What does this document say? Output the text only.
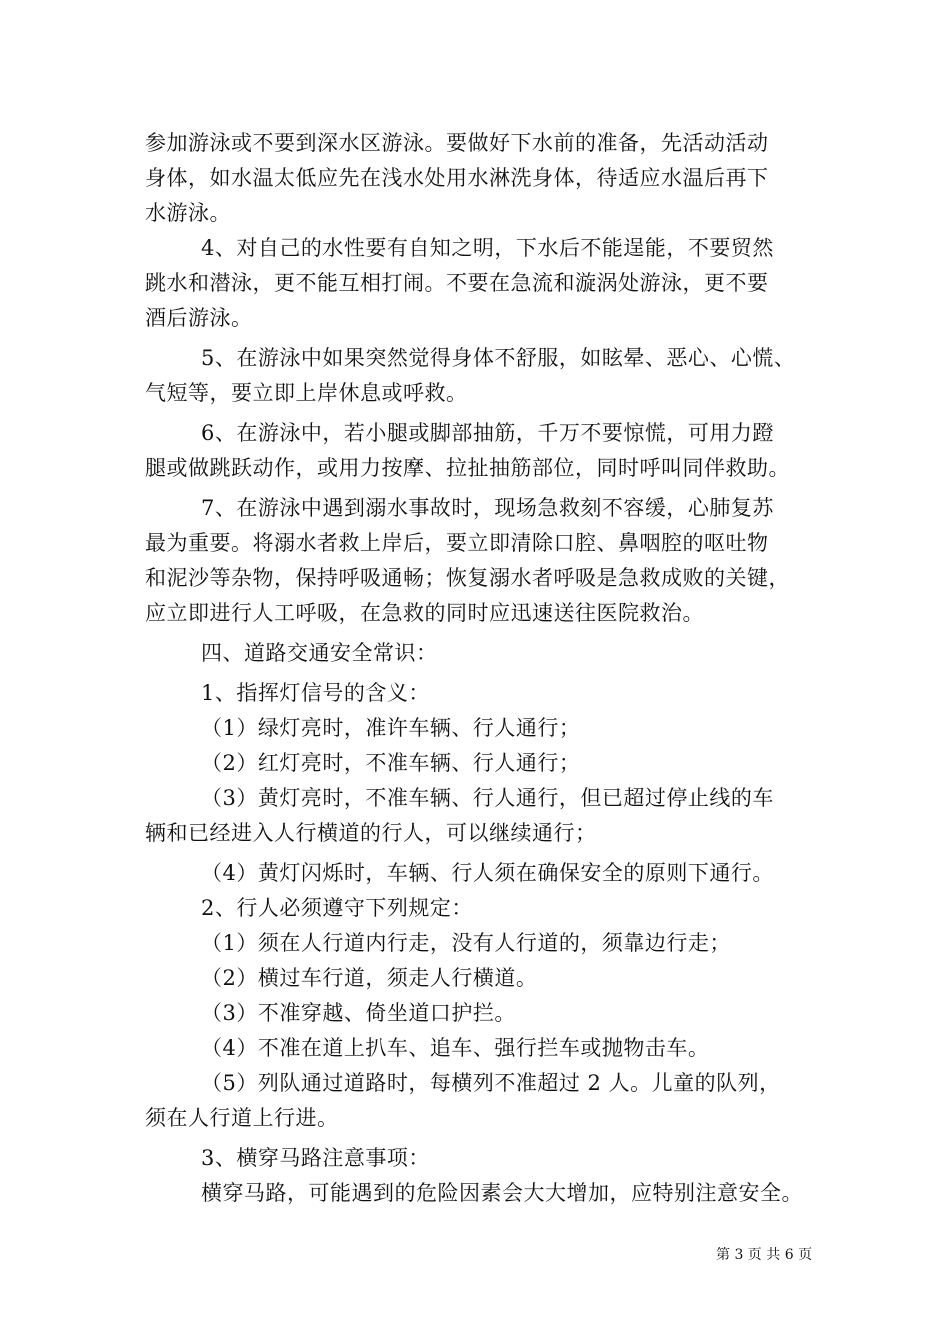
参加游泳或不要到深水区游泳。要做好下水前的准备，先活动活动
身体，如水温太低应先在浅水处用水淋洗身体，待适应水温后再下
水游泳。
4、对自己的水性要有自知之明，下水后不能逞能，不要贸然
跳水和潜泳，更不能互相打闹。不要在急流和漩涡处游泳，更不要
酒后游泳。
5、在游泳中如果突然觉得身体不舒服，如眩晕、恶心、心慌、
气短等，要立即上岸休息或呼救。
6、在游泳中，若小腿或脚部抽筋，千万不要惊慌，可用力蹬
腿或做跳跃动作，或用力按摩、拉扯抽筋部位，同时呼叫同伴救助。
7、在游泳中遇到溺水事故时，现场急救刻不容缓，心肺复苏
最为重要。将溺水者救上岸后，要立即清除口腔、鼻咽腔的呕吐物
和泥沙等杂物，保持呼吸通畅；恢复溺水者呼吸是急救成败的关键，
应立即进行人工呼吸，在急救的同时应迅速送往医院救治。
四、道路交通安全常识：
1、指挥灯信号的含义：
（1）绿灯亮时，准许车辆、行人通行；
（2）红灯亮时，不准车辆、行人通行；
（3）黄灯亮时，不准车辆、行人通行，但已超过停止线的车
辆和已经进入人行横道的行人，可以继续通行；
（4）黄灯闪烁时，车辆、行人须在确保安全的原则下通行。
2、行人必须遵守下列规定：
（1）须在人行道内行走，没有人行道的，须靠边行走；
（2）横过车行道，须走人行横道。
（3）不准穿越、倚坐道口护拦。
（4）不准在道上扒车、追车、强行拦车或抛物击车。
（5）列队通过道路时，每横列不准超过 2 人。儿童的队列，
须在人行道上行进。
3、横穿马路注意事项：
横穿马路，可能遇到的危险因素会大大增加，应特别注意安全。
第 3 页 共 6 页
